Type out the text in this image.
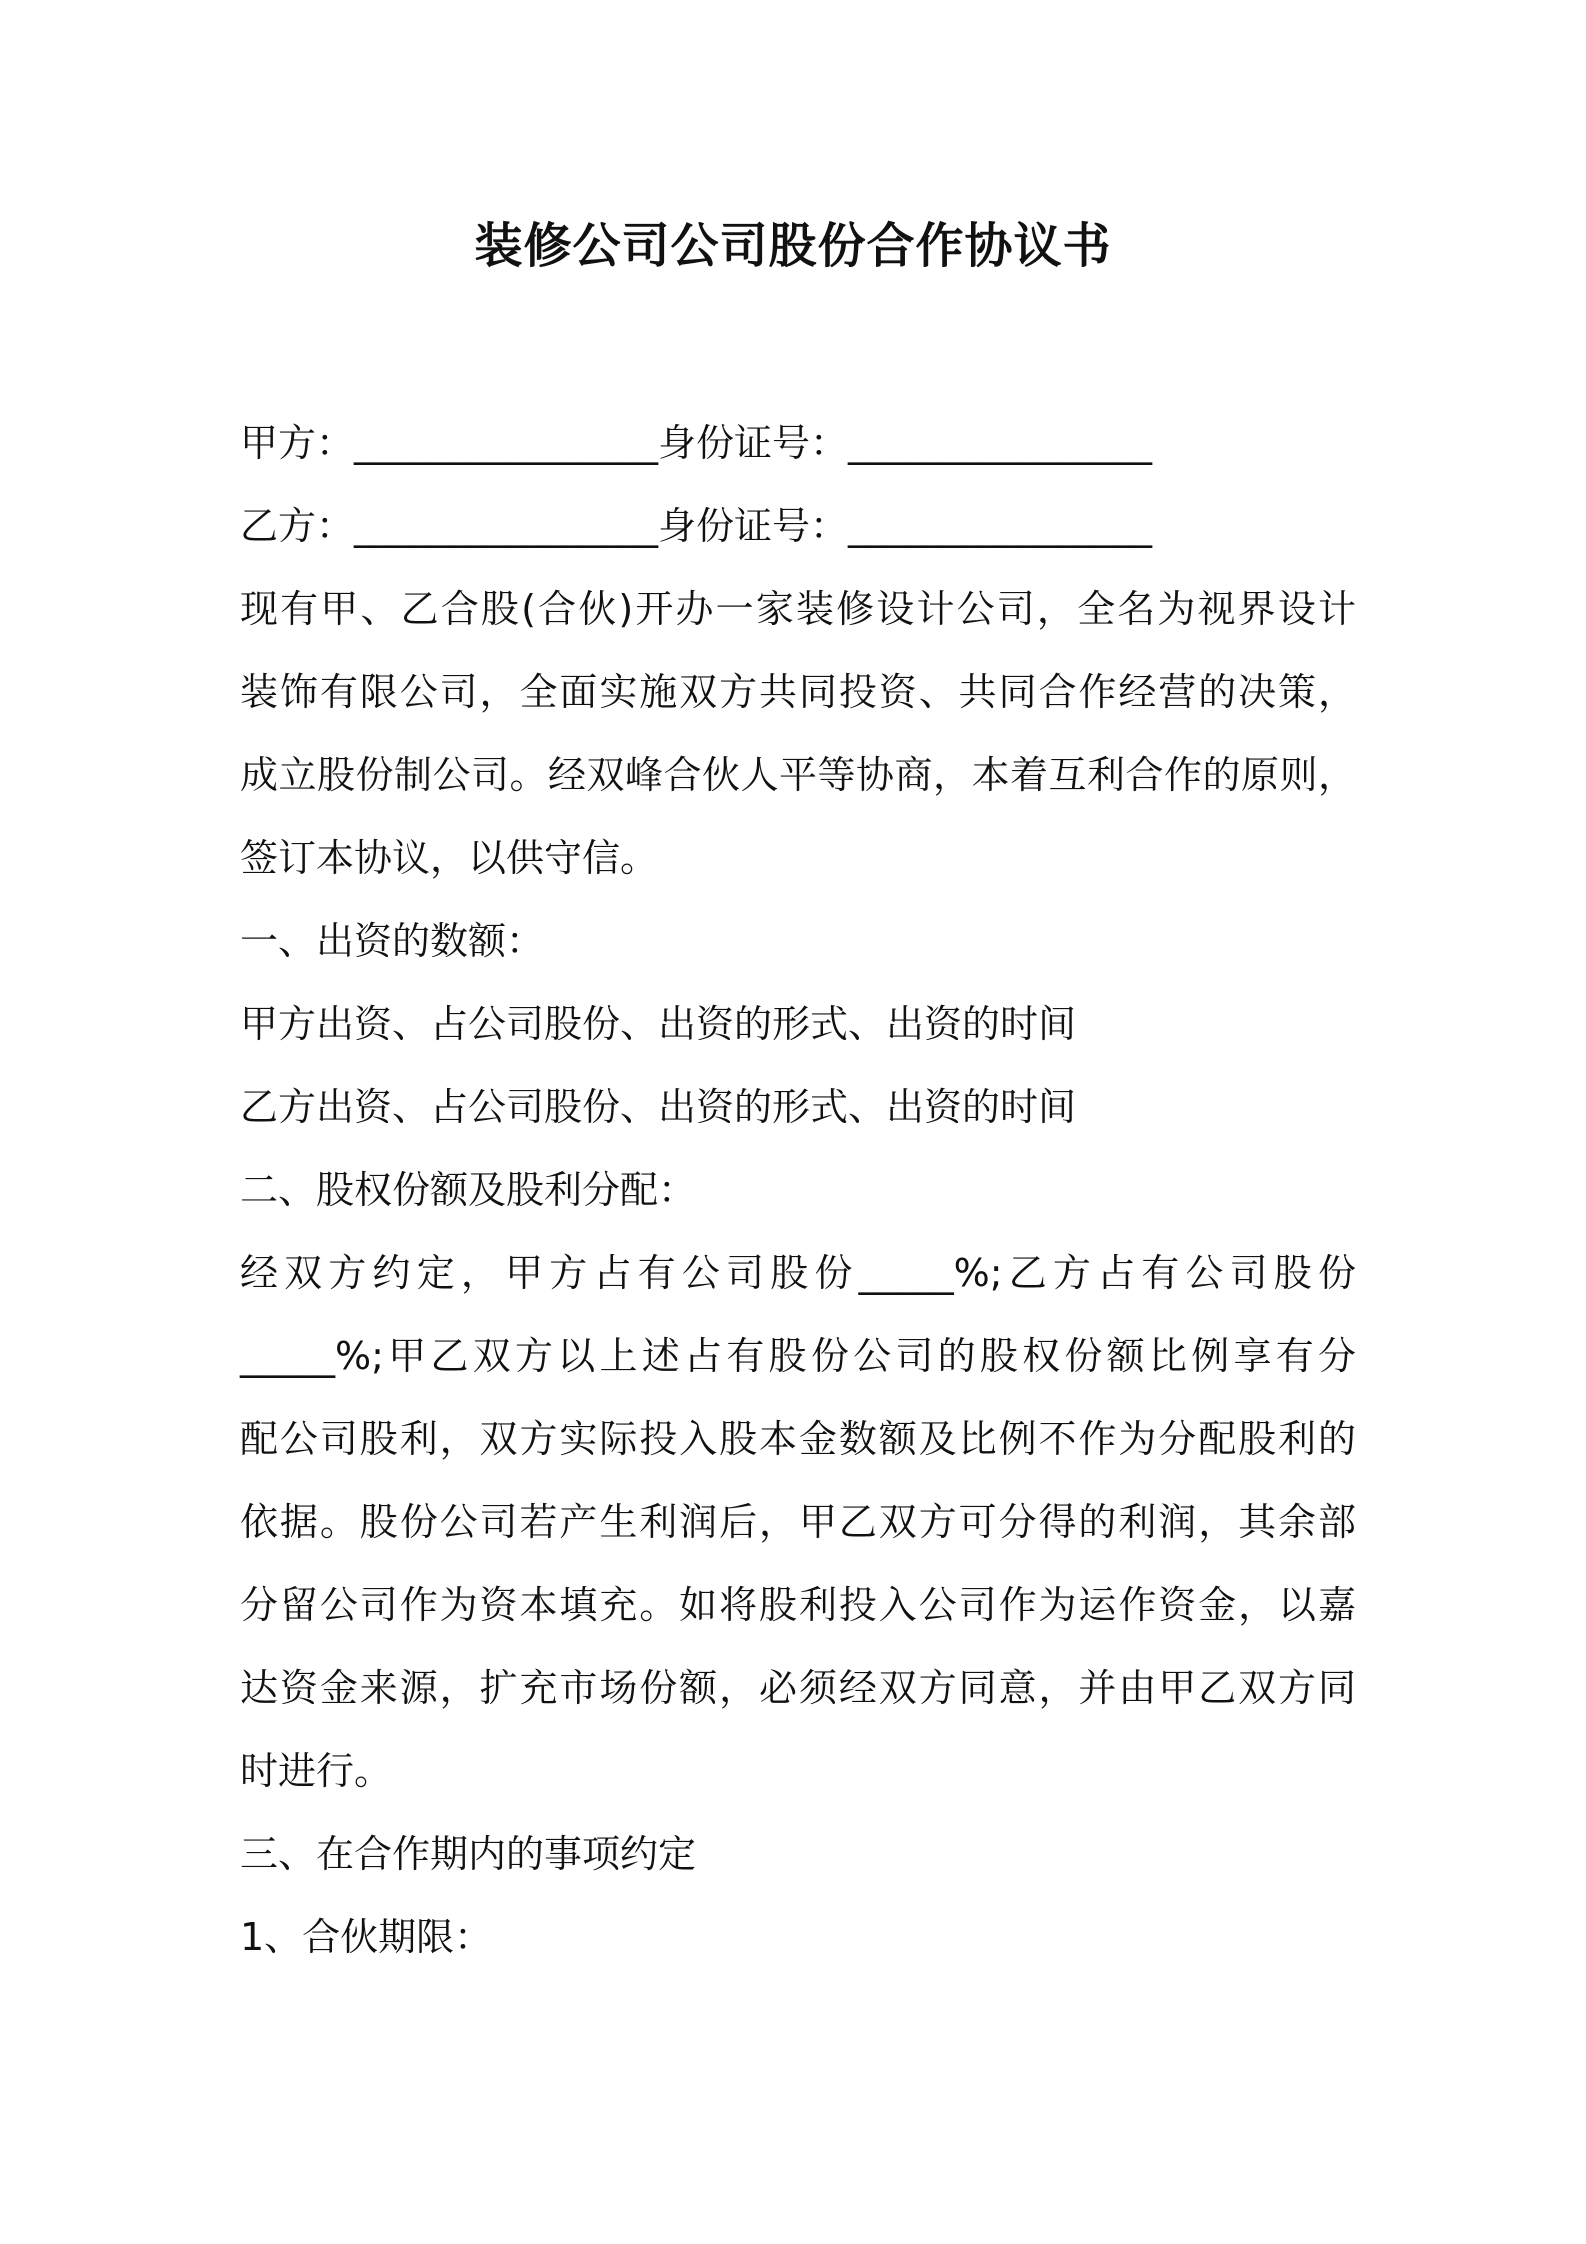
装修公司公司股份合作协议书

甲方：________________身份证号：________________

乙方：________________身份证号：________________

现有甲、乙合股(合伙)开办一家装修设计公司，全名为视界设计

装饰有限公司，全面实施双方共同投资、共同合作经营的决策，

成立股份制公司。经双峰合伙人平等协商，本着互利合作的原则，

签订本协议，以供守信。

一、出资的数额：

甲方出资、占公司股份、出资的形式、出资的时间

乙方出资、占公司股份、出资的形式、出资的时间

二、股权份额及股利分配：

经双方约定，甲方占有公司股份_____%;乙方占有公司股份

_____%;甲乙双方以上述占有股份公司的股权份额比例享有分

配公司股利，双方实际投入股本金数额及比例不作为分配股利的

依据。股份公司若产生利润后，甲乙双方可分得的利润，其余部

分留公司作为资本填充。如将股利投入公司作为运作资金，以嘉

达资金来源，扩充市场份额，必须经双方同意，并由甲乙双方同

时进行。

三、在合作期内的事项约定

1、合伙期限：
